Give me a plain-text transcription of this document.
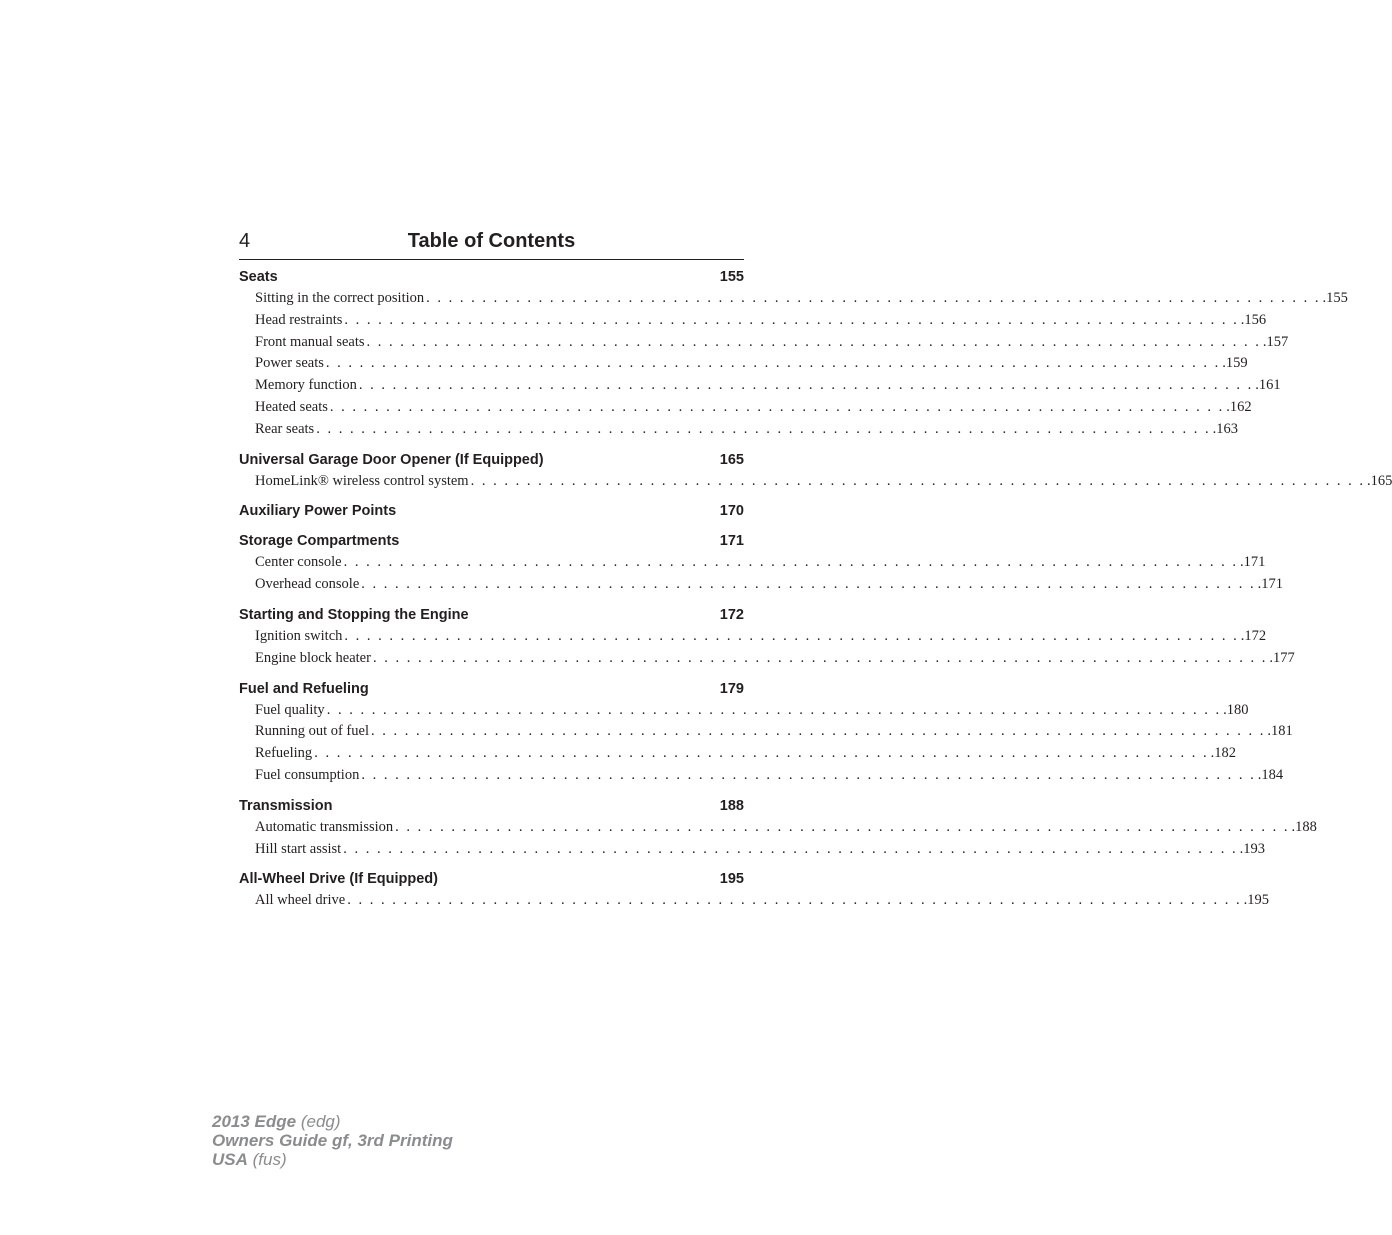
4	Table of Contents
Seats	155
Sitting in the correct position . . . . . . . . . . . . . . . . . . . . . . . . . . . . . . . . . . . . . . . . . . . . . . . . . . . . . . . . . . . . . . . . . . . . . . . . . . . . . . . . .155
Head restraints . . . . . . . . . . . . . . . . . . . . . . . . . . . . . . . . . . . . . . . . . . . . . . . . . . . . . . . . . . . . . . . . . . . . . . . . . . . . . . . . .156
Front manual seats . . . . . . . . . . . . . . . . . . . . . . . . . . . . . . . . . . . . . . . . . . . . . . . . . . . . . . . . . . . . . . . . . . . . . . . . . . . . . . . . .157
Power seats . . . . . . . . . . . . . . . . . . . . . . . . . . . . . . . . . . . . . . . . . . . . . . . . . . . . . . . . . . . . . . . . . . . . . . . . . . . . . . . . .159
Memory function . . . . . . . . . . . . . . . . . . . . . . . . . . . . . . . . . . . . . . . . . . . . . . . . . . . . . . . . . . . . . . . . . . . . . . . . . . . . . . . . .161
Heated seats . . . . . . . . . . . . . . . . . . . . . . . . . . . . . . . . . . . . . . . . . . . . . . . . . . . . . . . . . . . . . . . . . . . . . . . . . . . . . . . . .162
Rear seats . . . . . . . . . . . . . . . . . . . . . . . . . . . . . . . . . . . . . . . . . . . . . . . . . . . . . . . . . . . . . . . . . . . . . . . . . . . . . . . . .163
Universal Garage Door Opener (If Equipped)	165
HomeLink® wireless control system . . . . . . . . . . . . . . . . . . . . . . . . . . . . . . . . . . . . . . . . . . . . . . . . . . . . . . . . . . . . . . . . . . . . . . . . . . . . . . . . .165
Auxiliary Power Points	170
Storage Compartments	171
Center console . . . . . . . . . . . . . . . . . . . . . . . . . . . . . . . . . . . . . . . . . . . . . . . . . . . . . . . . . . . . . . . . . . . . . . . . . . . . . . . . .171
Overhead console . . . . . . . . . . . . . . . . . . . . . . . . . . . . . . . . . . . . . . . . . . . . . . . . . . . . . . . . . . . . . . . . . . . . . . . . . . . . . . . . .171
Starting and Stopping the Engine	172
Ignition switch . . . . . . . . . . . . . . . . . . . . . . . . . . . . . . . . . . . . . . . . . . . . . . . . . . . . . . . . . . . . . . . . . . . . . . . . . . . . . . . . .172
Engine block heater . . . . . . . . . . . . . . . . . . . . . . . . . . . . . . . . . . . . . . . . . . . . . . . . . . . . . . . . . . . . . . . . . . . . . . . . . . . . . . . . .177
Fuel and Refueling	179
Fuel quality . . . . . . . . . . . . . . . . . . . . . . . . . . . . . . . . . . . . . . . . . . . . . . . . . . . . . . . . . . . . . . . . . . . . . . . . . . . . . . . . .180
Running out of fuel . . . . . . . . . . . . . . . . . . . . . . . . . . . . . . . . . . . . . . . . . . . . . . . . . . . . . . . . . . . . . . . . . . . . . . . . . . . . . . . . .181
Refueling . . . . . . . . . . . . . . . . . . . . . . . . . . . . . . . . . . . . . . . . . . . . . . . . . . . . . . . . . . . . . . . . . . . . . . . . . . . . . . . . .182
Fuel consumption . . . . . . . . . . . . . . . . . . . . . . . . . . . . . . . . . . . . . . . . . . . . . . . . . . . . . . . . . . . . . . . . . . . . . . . . . . . . . . . . .184
Transmission	188
Automatic transmission . . . . . . . . . . . . . . . . . . . . . . . . . . . . . . . . . . . . . . . . . . . . . . . . . . . . . . . . . . . . . . . . . . . . . . . . . . . . . . . . .188
Hill start assist . . . . . . . . . . . . . . . . . . . . . . . . . . . . . . . . . . . . . . . . . . . . . . . . . . . . . . . . . . . . . . . . . . . . . . . . . . . . . . . . .193
All-Wheel Drive (If Equipped)	195
All wheel drive . . . . . . . . . . . . . . . . . . . . . . . . . . . . . . . . . . . . . . . . . . . . . . . . . . . . . . . . . . . . . . . . . . . . . . . . . . . . . . . . .195
2013 Edge (edg)
Owners Guide gf, 3rd Printing
USA (fus)
